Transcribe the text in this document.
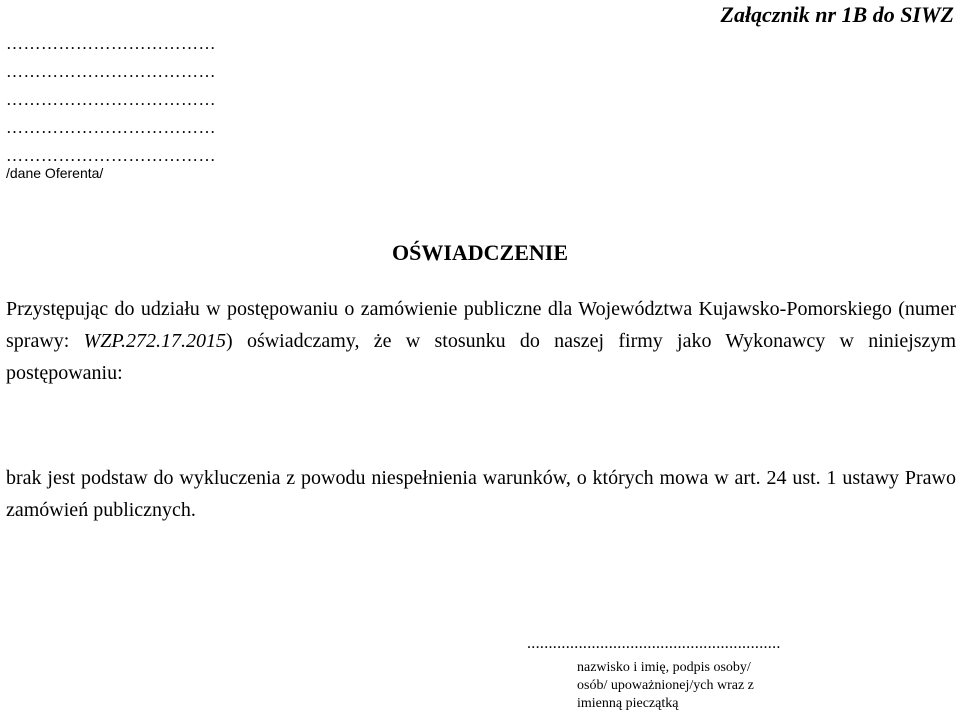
Załącznik nr 1B do SIWZ
………………………………
………………………………
………………………………
………………………………
………………………………
/dane Oferenta/
OŚWIADCZENIE

Przystępując do udziału w postępowaniu o zamówienie publiczne dla Województwa Kujawsko-Pomorskiego (numer sprawy: WZP.272.17.2015) oświadczamy, że w stosunku do naszej firmy jako Wykonawcy w niniejszym postępowaniu:

brak jest podstaw do wykluczenia z powodu niespełnienia warunków, o których mowa w art. 24 ust. 1 ustawy Prawo zamówień publicznych.

...........................................................
nazwisko i imię, podpis osoby/
osób/ upoważnionej/ych wraz z
imienną pieczątką
